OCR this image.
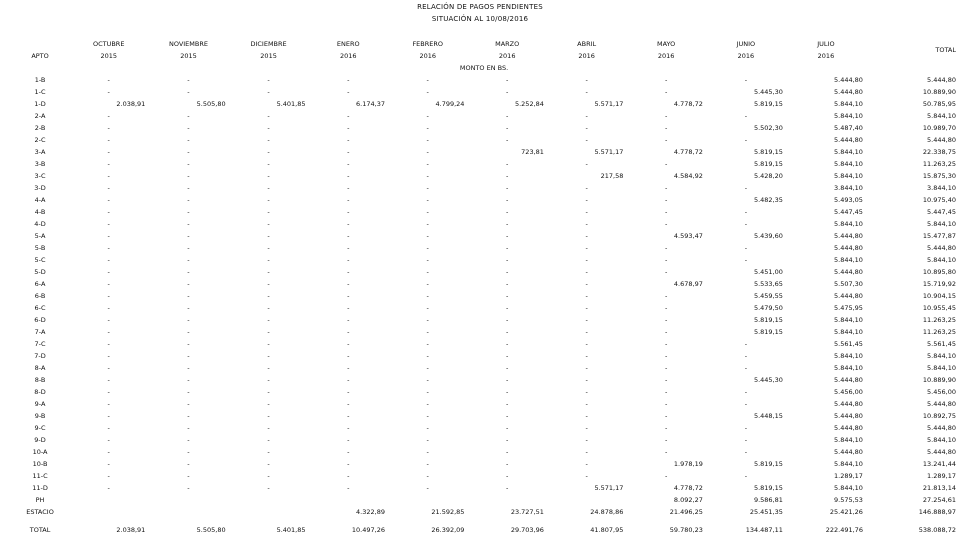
RELACIÓN DE PAGOS PENDIENTES
SITUACIÓN AL 10/08/2016
APTO	OCTUBRE	NOVIEMBRE	DICIEMBRE	ENERO	FEBRERO	MARZO	ABRIL	MAYO	JUNIO	JULIO	TOTAL
	2015	2015	2015	2016	2016	2016	2016	2016	2016	2016	
MONTO EN BS.											
1-B	-	-	-	-	-	-	-	-	-	5.444,80	5.444,80
1-C	-	-	-	-	-	-	-	-	5.445,30	5.444,80	10.889,90
1-D	2.038,91	5.505,80	5.401,85	6.174,37	4.799,24	5.252,84	5.571,17	4.778,72	5.819,15	5.844,10	50.785,95
2-A	-	-	-	-	-	-	-	-	-	5.844,10	5.844,10
2-B	-	-	-	-	-	-	-	-	5.502,30	5.487,40	10.989,70
2-C	-	-	-	-	-	-	-	-	-	5.444,80	5.444,80
3-A	-	-	-	-	-	723,81	5.571,17	4.778,72	5.819,15	5.844,10	22.338,75
3-B	-	-	-	-	-	-	-	-	5.819,15	5.844,10	11.263,25
3-C	-	-	-	-	-	-	217,58	4.584,92	5.428,20	5.844,10	15.875,30
3-D	-	-	-	-	-	-	-	-	-	3.844,10	3.844,10
4-A	-	-	-	-	-	-	-	-	5.482,35	5.493,05	10.975,40
4-B	-	-	-	-	-	-	-	-	-	5.447,45	5.447,45
4-D	-	-	-	-	-	-	-	-	-	5.844,10	5.844,10
5-A	-	-	-	-	-	-	-	4.593,47	5.439,60	5.444,80	15.477,87
5-B	-	-	-	-	-	-	-	-	-	5.444,80	5.444,80
5-C	-	-	-	-	-	-	-	-	-	5.844,10	5.844,10
5-D	-	-	-	-	-	-	-	-	5.451,00	5.444,80	10.895,80
6-A	-	-	-	-	-	-	-	4.678,97	5.533,65	5.507,30	15.719,92
6-B	-	-	-	-	-	-	-	-	5.459,55	5.444,80	10.904,15
6-C	-	-	-	-	-	-	-	-	5.479,50	5.475,95	10.955,45
6-D	-	-	-	-	-	-	-	-	5.819,15	5.844,10	11.263,25
7-A	-	-	-	-	-	-	-	-	5.819,15	5.844,10	11.263,25
7-C	-	-	-	-	-	-	-	-	-	5.561,45	5.561,45
7-D	-	-	-	-	-	-	-	-	-	5.844,10	5.844,10
8-A	-	-	-	-	-	-	-	-	-	5.844,10	5.844,10
8-B	-	-	-	-	-	-	-	-	5.445,30	5.444,80	10.889,90
8-D	-	-	-	-	-	-	-	-	-	5.456,00	5.456,00
9-A	-	-	-	-	-	-	-	-	-	5.444,80	5.444,80
9-B	-	-	-	-	-	-	-	-	5.448,15	5.444,80	10.892,75
9-C	-	-	-	-	-	-	-	-	-	5.444,80	5.444,80
9-D	-	-	-	-	-	-	-	-	-	5.844,10	5.844,10
10-A	-	-	-	-	-	-	-	-	-	5.444,80	5.444,80
10-B	-	-	-	-	-	-	-	1.978,19	5.819,15	5.844,10	13.241,44
11-C	-	-	-	-	-	-	-	-	-	1.289,17	1.289,17
11-D	-	-	-	-	-	-	5.571,17	4.778,72	5.819,15	5.844,10	21.813,14
PH								8.092,27	9.586,81	9.575,53	27.254,61
ESTACIO				4.322,89	21.592,85	23.727,51	24.878,86	21.496,25	25.451,35	25.421,26	146.888,97
TOTAL	2.038,91	5.505,80	5.401,85	10.497,26	26.392,09	29.703,96	41.807,95	59.780,23	134.487,11	222.491,76	538.088,72
